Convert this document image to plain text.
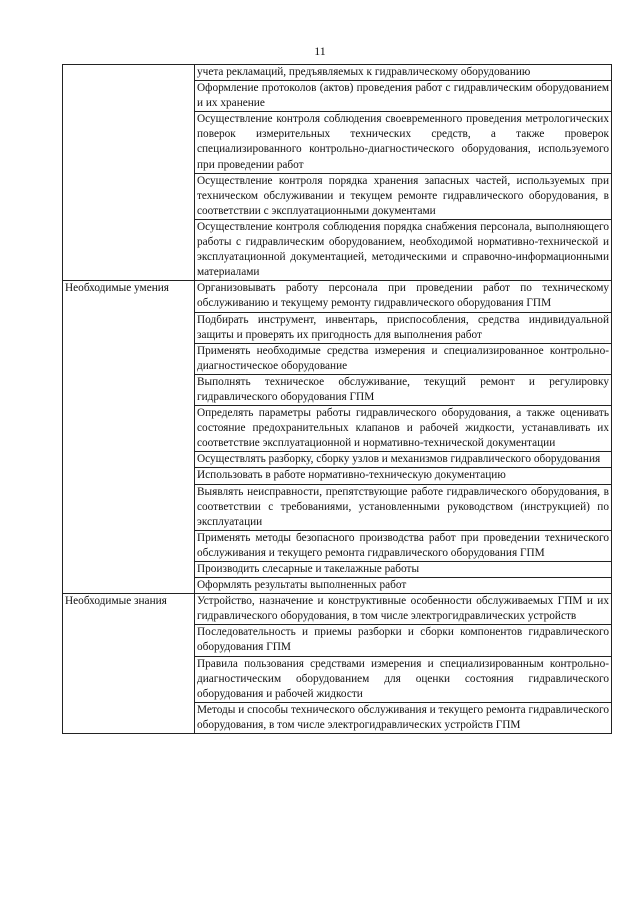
11
	учета рекламаций, предъявляемых к гидравлическому оборудованию
	Оформление протоколов (актов) проведения работ с гидравлическим оборудованием и их хранение
	Осуществление контроля соблюдения своевременного проведения метрологических поверок измерительных технических средств, а также проверок специализированного контрольно-диагностического оборудования, используемого при проведении работ
	Осуществление контроля порядка хранения запасных частей, используемых при техническом обслуживании и текущем ремонте гидравлического оборудования, в соответствии с эксплуатационными документами
	Осуществление контроля соблюдения порядка снабжения персонала, выполняющего работы с гидравлическим оборудованием, необходимой нормативно-технической и эксплуатационной документацией, методическими и справочно-информационными материалами

Необходимые умения	Организовывать работу персонала при проведении работ по техническому обслуживанию и текущему ремонту гидравлического оборудования ГПМ
	Подбирать инструмент, инвентарь, приспособления, средства индивидуальной защиты и проверять их пригодность для выполнения работ
	Применять необходимые средства измерения и специализированное контрольно-диагностическое оборудование
	Выполнять техническое обслуживание, текущий ремонт и регулировку гидравлического оборудования ГПМ
	Определять параметры работы гидравлического оборудования, а также оценивать состояние предохранительных клапанов и рабочей жидкости, устанавливать их соответствие эксплуатационной и нормативно-технической документации
	Осуществлять разборку, сборку узлов и механизмов гидравлического оборудования
	Использовать в работе нормативно-техническую документацию
	Выявлять неисправности, препятствующие работе гидравлического оборудования, в соответствии с требованиями, установленными руководством (инструкцией) по эксплуатации
	Применять методы безопасного производства работ при проведении технического обслуживания и текущего ремонта гидравлического оборудования ГПМ
	Производить слесарные и такелажные работы
	Оформлять результаты выполненных работ

Необходимые знания	Устройство, назначение и конструктивные особенности обслуживаемых ГПМ и их гидравлического оборудования, в том числе электрогидравлических устройств
	Последовательность и приемы разборки и сборки компонентов гидравлического оборудования ГПМ
	Правила пользования средствами измерения и специализированным контрольно-диагностическим оборудованием для оценки состояния гидравлического оборудования и рабочей жидкости
	Методы и способы технического обслуживания и текущего ремонта гидравлического оборудования, в том числе электрогидравлических устройств ГПМ
